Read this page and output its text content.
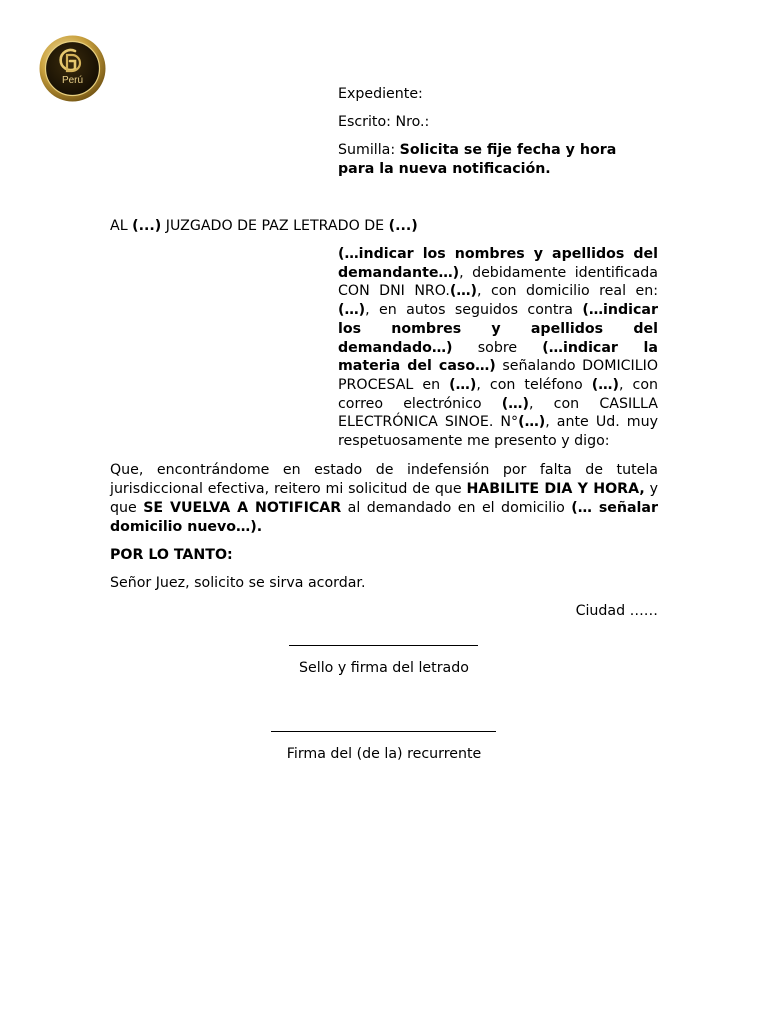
Perú
Expediente:
Escrito: Nro.:
Sumilla: Solicita se fije fecha y hora para la nueva notificación.
AL (...) JUZGADO DE PAZ LETRADO DE (...)

(…indicar los nombres y apellidos del demandante…), debidamente identificada CON DNI NRO.(…), con domicilio real en: (…), en autos seguidos contra (…indicar los nombres y apellidos del demandado…) sobre (…indicar la materia del caso…) señalando DOMICILIO PROCESAL en (…), con teléfono (…), con correo electrónico (…), con CASILLA ELECTRÓNICA SINOE. N°(…), ante Ud. muy respetuosamente me presento y digo:

Que, encontrándome en estado de indefensión por falta de tutela jurisdiccional efectiva, reitero mi solicitud de que HABILITE DIA Y HORA, y que SE VUELVA A NOTIFICAR al demandado en el domicilio (… señalar domicilio nuevo…).

POR LO TANTO:
Señor Juez, solicito se sirva acordar.
Ciudad ……
Sello y firma del letrado
Firma del (de la) recurrente
